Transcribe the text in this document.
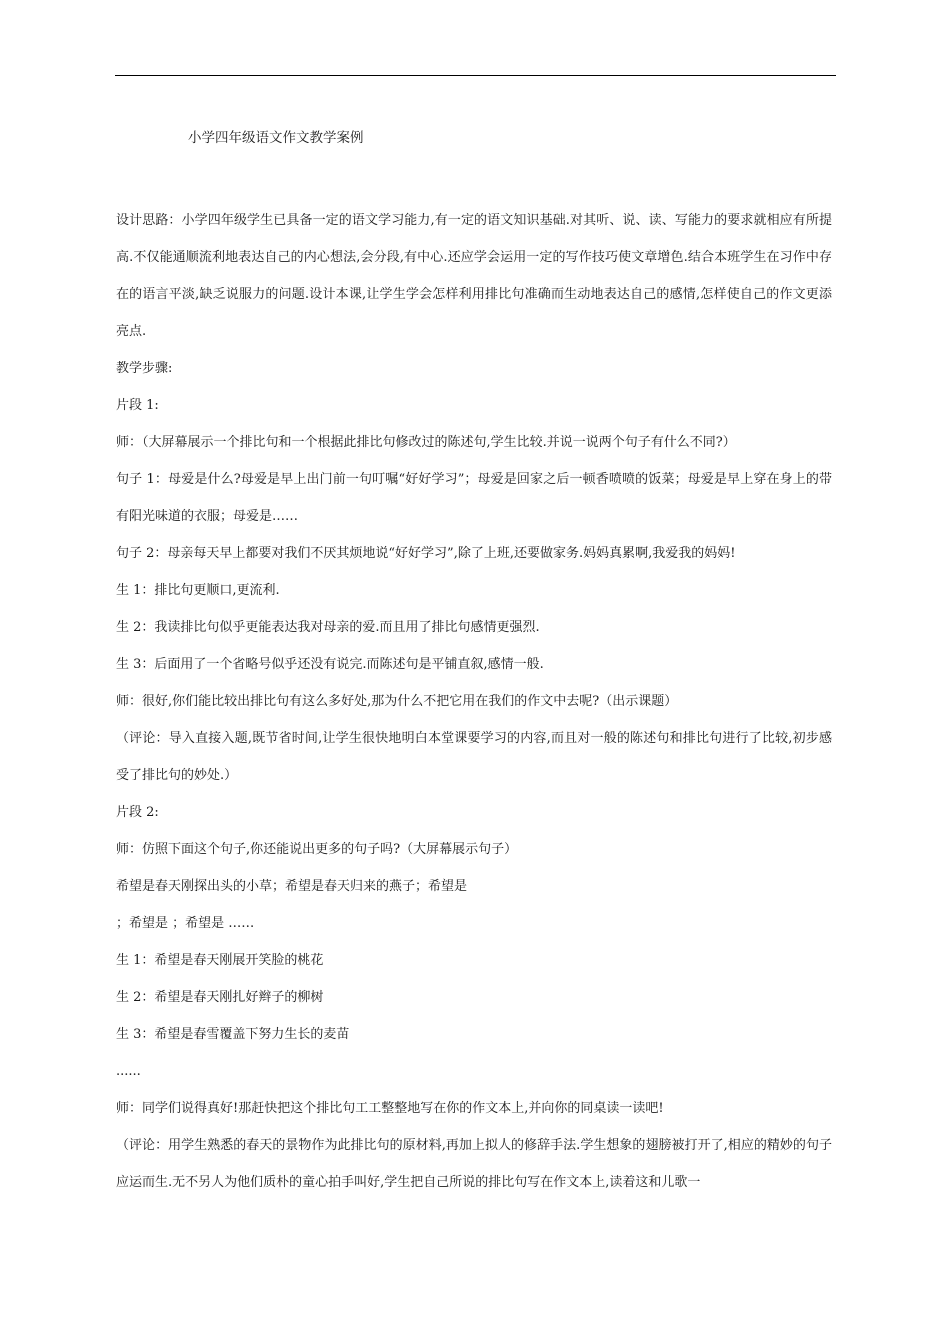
小学四年级语文作文教学案例

设计思路：小学四年级学生已具备一定的语文学习能力,有一定的语文知识基础.对其听、说、读、写能力的要求就相应有所提高.不仅能通顺流利地表达自己的内心想法,会分段,有中心.还应学会运用一定的写作技巧使文章增色.结合本班学生在习作中存在的语言平淡,缺乏说服力的问题.设计本课,让学生学会怎样利用排比句准确而生动地表达自己的感情,怎样使自己的作文更添亮点.

教学步骤:

片段 1:

师：（大屏幕展示一个排比句和一个根据此排比句修改过的陈述句,学生比较.并说一说两个句子有什么不同?）

句子 1：母爱是什么?母爱是早上出门前一句叮嘱“好好学习”；母爱是回家之后一顿香喷喷的饭菜；母爱是早上穿在身上的带有阳光味道的衣服；母爱是……

句子 2：母亲每天早上都要对我们不厌其烦地说“好好学习”,除了上班,还要做家务.妈妈真累啊,我爱我的妈妈!

生 1：排比句更顺口,更流利.

生 2：我读排比句似乎更能表达我对母亲的爱.而且用了排比句感情更强烈.

生 3：后面用了一个省略号似乎还没有说完.而陈述句是平铺直叙,感情一般.

师：很好,你们能比较出排比句有这么多好处,那为什么不把它用在我们的作文中去呢?（出示课题）

（评论：导入直接入题,既节省时间,让学生很快地明白本堂课要学习的内容,而且对一般的陈述句和排比句进行了比较,初步感受了排比句的妙处.）

片段 2:

师：仿照下面这个句子,你还能说出更多的句子吗?（大屏幕展示句子）

希望是春天刚探出头的小草；希望是春天归来的燕子；希望是

；希望是 ；希望是 ……

生 1：希望是春天刚展开笑脸的桃花

生 2：希望是春天刚扎好辫子的柳树

生 3：希望是春雪覆盖下努力生长的麦苗

......

师：同学们说得真好!那赶快把这个排比句工工整整地写在你的作文本上,并向你的同桌读一读吧!

（评论：用学生熟悉的春天的景物作为此排比句的原材料,再加上拟人的修辞手法.学生想象的翅膀被打开了,相应的精妙的句子应运而生.无不另人为他们质朴的童心拍手叫好,学生把自己所说的排比句写在作文本上,读着这和儿歌一
